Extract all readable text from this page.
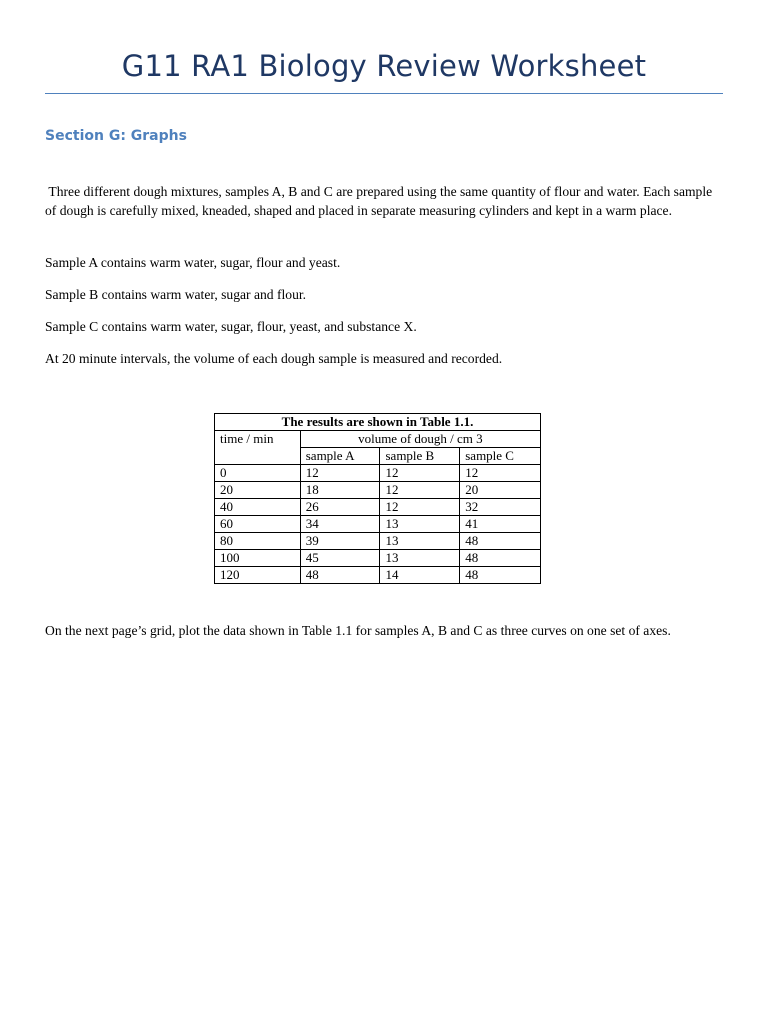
G11 RA1 Biology Review Worksheet
Section G: Graphs

Three different dough mixtures, samples A, B and C are prepared using the same quantity of flour and water. Each sample of dough is carefully mixed, kneaded, shaped and placed in separate measuring cylinders and kept in a warm place.

Sample A contains warm water, sugar, flour and yeast.

Sample B contains warm water, sugar and flour.

Sample C contains warm water, sugar, flour, yeast, and substance X.

At 20 minute intervals, the volume of each dough sample is measured and recorded.

The results are shown in Table 1.1.			
time / min	volume of dough / cm 3		
	sample A	sample B	sample C
0	12	12	12
20	18	12	20
40	26	12	32
60	34	13	41
80	39	13	48
100	45	13	48
120	48	14	48

On the next page’s grid, plot the data shown in Table 1.1 for samples A, B and C as three curves on one set of axes.
